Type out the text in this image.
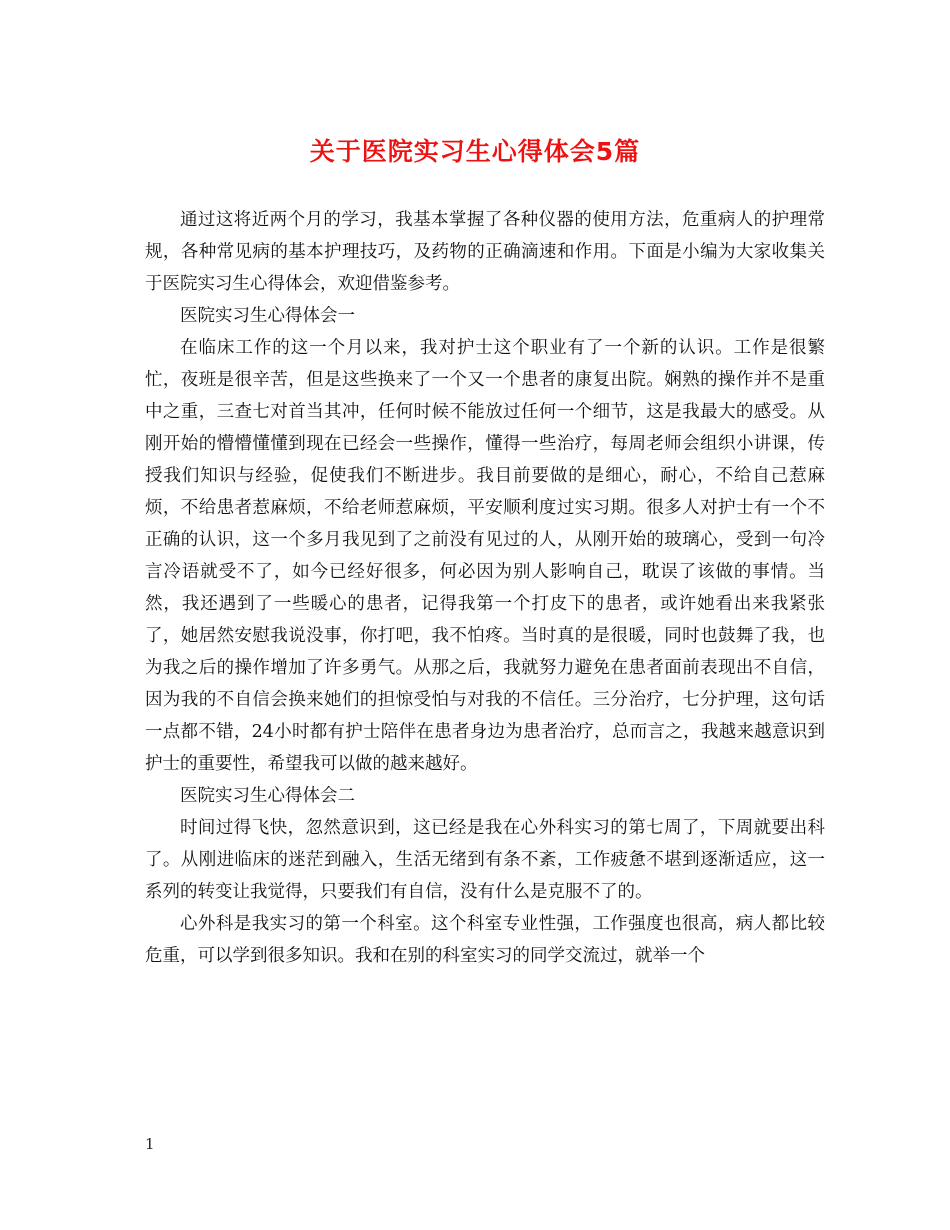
关于医院实习生心得体会5篇

通过这将近两个月的学习，我基本掌握了各种仪器的使用方法，危重病人的护理常规，各种常见病的基本护理技巧，及药物的正确滴速和作用。下面是小编为大家收集关于医院实习生心得体会，欢迎借鉴参考。

医院实习生心得体会一

在临床工作的这一个月以来，我对护士这个职业有了一个新的认识。工作是很繁忙，夜班是很辛苦，但是这些换来了一个又一个患者的康复出院。娴熟的操作并不是重中之重，三查七对首当其冲，任何时候不能放过任何一个细节，这是我最大的感受。从刚开始的懵懵懂懂到现在已经会一些操作，懂得一些治疗，每周老师会组织小讲课，传授我们知识与经验，促使我们不断进步。我目前要做的是细心，耐心，不给自己惹麻烦，不给患者惹麻烦，不给老师惹麻烦，平安顺利度过实习期。很多人对护士有一个不正确的认识，这一个多月我见到了之前没有见过的人，从刚开始的玻璃心，受到一句冷言冷语就受不了，如今已经好很多，何必因为别人影响自己，耽误了该做的事情。当然，我还遇到了一些暖心的患者，记得我第一个打皮下的患者，或许她看出来我紧张了，她居然安慰我说没事，你打吧，我不怕疼。当时真的是很暖，同时也鼓舞了我，也为我之后的操作增加了许多勇气。从那之后，我就努力避免在患者面前表现出不自信，因为我的不自信会换来她们的担惊受怕与对我的不信任。三分治疗，七分护理，这句话一点都不错，24小时都有护士陪伴在患者身边为患者治疗，总而言之，我越来越意识到护士的重要性，希望我可以做的越来越好。

医院实习生心得体会二

时间过得飞快，忽然意识到，这已经是我在心外科实习的第七周了，下周就要出科了。从刚进临床的迷茫到融入，生活无绪到有条不紊，工作疲惫不堪到逐渐适应，这一系列的转变让我觉得，只要我们有自信，没有什么是克服不了的。

心外科是我实习的第一个科室。这个科室专业性强，工作强度也很高，病人都比较危重，可以学到很多知识。我和在别的科室实习的同学交流过，就举一个

1
